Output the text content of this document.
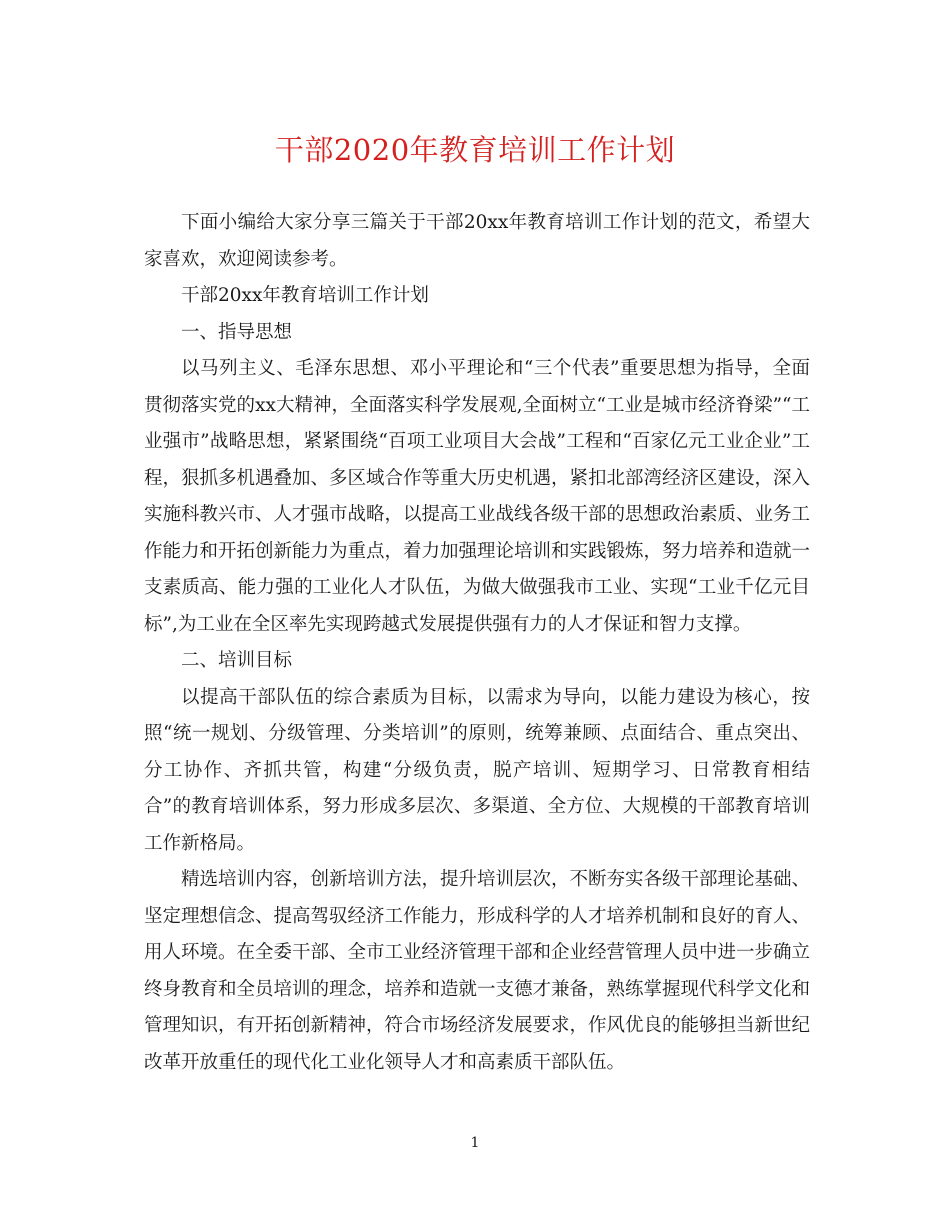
干部2020年教育培训工作计划

下面小编给大家分享三篇关于干部20xx年教育培训工作计划的范文，希望大家喜欢，欢迎阅读参考。

干部20xx年教育培训工作计划

一、指导思想

以马列主义、毛泽东思想、邓小平理论和“三个代表”重要思想为指导，全面贯彻落实党的xx大精神，全面落实科学发展观,全面树立“工业是城市经济脊梁”“工业强市”战略思想，紧紧围绕“百项工业项目大会战”工程和“百家亿元工业企业”工程，狠抓多机遇叠加、多区域合作等重大历史机遇，紧扣北部湾经济区建设，深入实施科教兴市、人才强市战略，以提高工业战线各级干部的思想政治素质、业务工作能力和开拓创新能力为重点，着力加强理论培训和实践锻炼，努力培养和造就一支素质高、能力强的工业化人才队伍，为做大做强我市工业、实现“工业千亿元目标”,为工业在全区率先实现跨越式发展提供强有力的人才保证和智力支撑。

二、培训目标

以提高干部队伍的综合素质为目标，以需求为导向，以能力建设为核心，按照“统一规划、分级管理、分类培训”的原则，统筹兼顾、点面结合、重点突出、分工协作、齐抓共管，构建“分级负责，脱产培训、短期学习、日常教育相结合”的教育培训体系，努力形成多层次、多渠道、全方位、大规模的干部教育培训工作新格局。

精选培训内容，创新培训方法，提升培训层次，不断夯实各级干部理论基础、坚定理想信念、提高驾驭经济工作能力，形成科学的人才培养机制和良好的育人、用人环境。在全委干部、全市工业经济管理干部和企业经营管理人员中进一步确立终身教育和全员培训的理念，培养和造就一支德才兼备，熟练掌握现代科学文化和管理知识，有开拓创新精神，符合市场经济发展要求，作风优良的能够担当新世纪改革开放重任的现代化工业化领导人才和高素质干部队伍。

1
